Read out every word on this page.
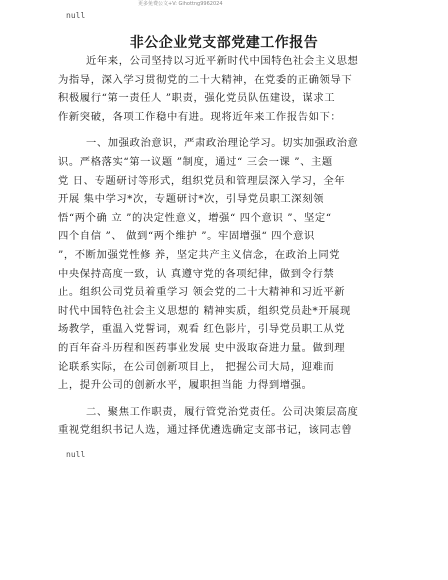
更多免费公文+V: Gihottng9962024
null
非公企业党支部党建工作报告
近年来，公司坚持以习近平新时代中国特色社会主义思想
为指导，深入学习贯彻党的二十大精神，在党委的正确领导下
积极履行“第一责任人 ”职责，强化党员队伍建设，谋求工
作新突破，各项工作稳中有进。现将近年来工作报告如下：
一、加强政治意识，严肃政治理论学习。切实加强政治意
识。严格落实“第一议题 ”制度，通过“ 三会一课 ”、主题
党 日、专题研讨等形式，组织党员和管理层深入学习，全年
开展 集中学习*次，专题研讨*次，引导党员职工深刻领
悟“两个确 立 ”的决定性意义，增强“ 四个意识 ”、坚定“
四个自信 ”、 做到“两个维护 ”。牢固增强“ 四个意识
”，不断加强党性修 养，坚定共产主义信念，在政治上同党
中央保持高度一致，认 真遵守党的各项纪律，做到令行禁
止。组织公司党员着重学习 领会党的二十大精神和习近平新
时代中国特色社会主义思想的 精神实质，组织党员赴*开展现
场教学，重温入党誓词，观看 红色影片，引导党员职工从党
的百年奋斗历程和医药事业发展 史中汲取奋进力量。做到理
论联系实际，在公司创新项目上， 把握公司大局，迎难而
上，提升公司的创新水平，履职担当能 力得到增强。
二、聚焦工作职责，履行管党治党责任。公司决策层高度
重视党组织书记人选，通过择优遴选确定支部书记，该同志曾
null
